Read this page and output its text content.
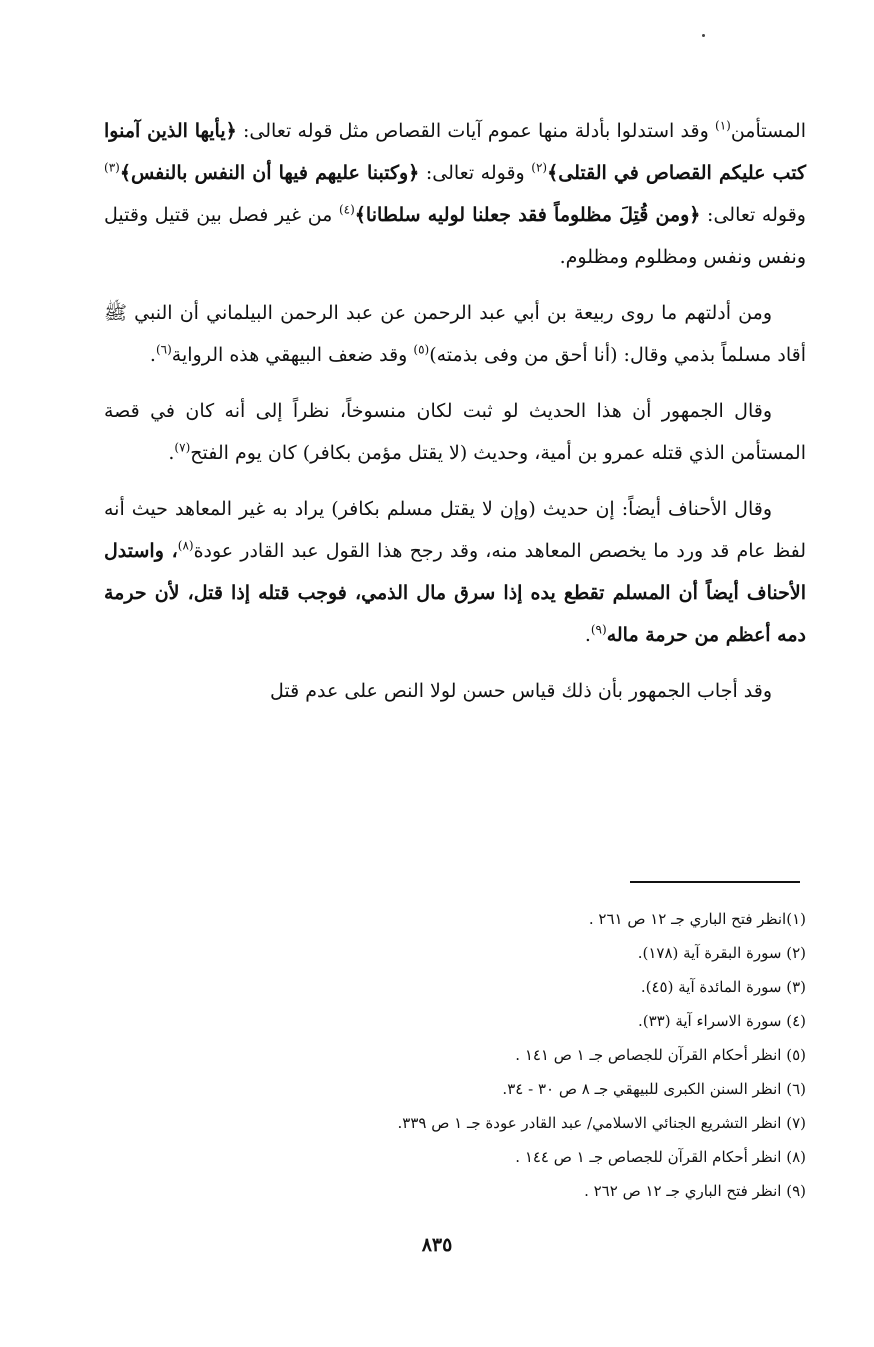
المستأمن$^{(١)}$ وقد استدلوا بأدلة منها عموم آيات القصاص مثل قوله تعالى: ﴿يأيها الذين آمنوا كتب عليكم القصاص في القتلى﴾$^{(٢)}$ وقوله تعالى: ﴿وكتبنا عليهم فيها أن النفس بالنفس﴾$^{(٣)}$ وقوله تعالى: ﴿ومن قُتِلَ مظلوماً فقد جعلنا لوليه سلطانا﴾$^{(٤)}$ من غير فصل بين قتيل وقتيل ونفس ونفس ومظلوم ومظلوم.

ومن أدلتهم ما روى ربيعة بن أبي عبد الرحمن عن عبد الرحمن البيلماني أن النبي ﷺ أقاد مسلماً بذمي وقال: (أنا أحق من وفى بذمته)$^{(٥)}$ وقد ضعف البيهقي هذه الرواية$^{(٦)}$.

وقال الجمهور أن هذا الحديث لو ثبت لكان منسوخاً، نظراً إلى أنه كان في قصة المستأمن الذي قتله عمرو بن أمية، وحديث (لا يقتل مؤمن بكافر) كان يوم الفتح$^{(٧)}$.

وقال الأحناف أيضاً: إن حديث (وإن لا يقتل مسلم بكافر) يراد به غير المعاهد حيث أنه لفظ عام قد ورد ما يخصص المعاهد منه، وقد رجح هذا القول عبد القادر عودة$^{(٨)}$، واستدل الأحناف أيضاً أن المسلم تقطع يده إذا سرق مال الذمي، فوجب قتله إذا قتل، لأن حرمة دمه أعظم من حرمة ماله$^{(٩)}$.

وقد أجاب الجمهور بأن ذلك قياس حسن لولا النص على عدم قتل

(١)انظر فتح الباري جـ ١٢ ص ٢٦١ .
(٢) سورة البقرة آية (١٧٨).
(٣) سورة المائدة آية (٤٥).
(٤) سورة الاسراء آية (٣٣).
(٥) انظر أحكام القرآن للجصاص جـ ١ ص ١٤١ .
(٦) انظر السنن الكبرى للبيهقي جـ ٨ ص ٣٠ - ٣٤.
(٧) انظر التشريع الجنائي الاسلامي/ عبد القادر عودة جـ ١ ص ٣٣٩.
(٨) انظر أحكام القرآن للجصاص جـ ١ ص ١٤٤ .
(٩) انظر فتح الباري جـ ١٢ ص ٢٦٢ .
٨٣٥
